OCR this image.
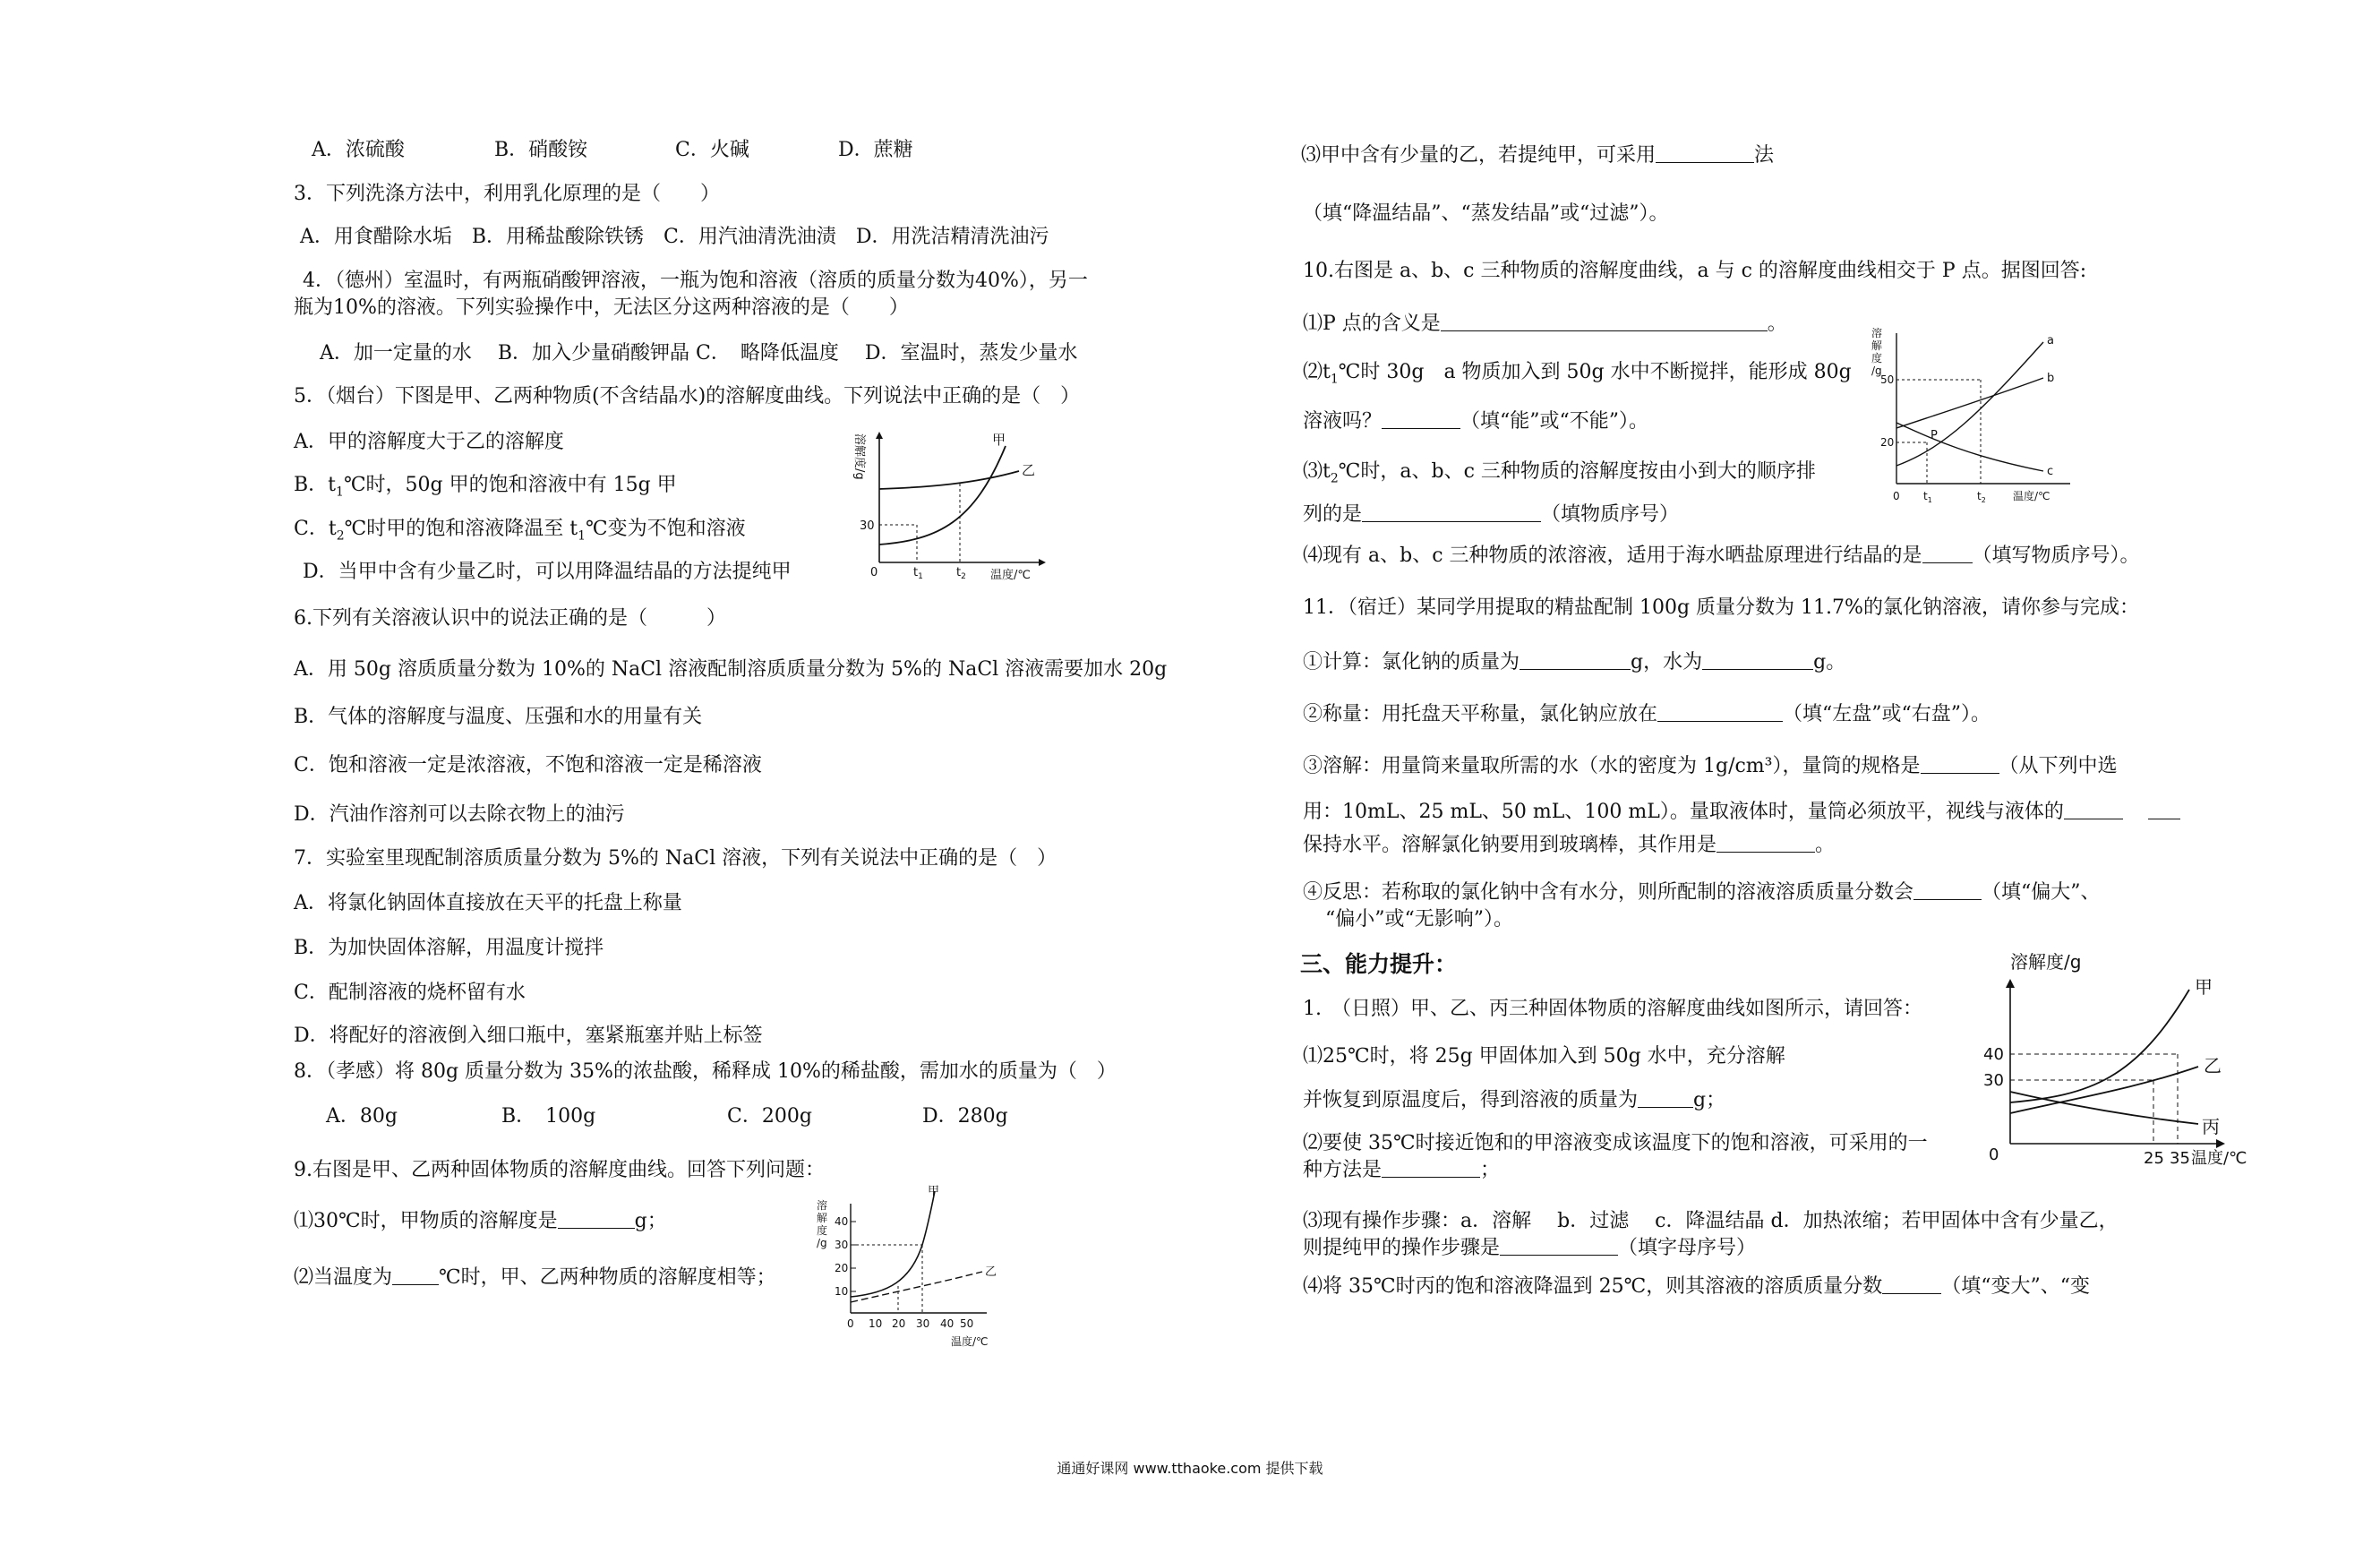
A．浓硫酸	B．硝酸铵	C．火碱	D．蔗糖
3．下列洗涤方法中，利用乳化原理的是（　　）
A．用食醋除水垢　B．用稀盐酸除铁锈　C．用汽油清洗油渍　D．用洗洁精清洗油污
4．（德州）室温时，有两瓶硝酸钾溶液，一瓶为饱和溶液（溶质的质量分数为40%），另一
瓶为10%的溶液。下列实验操作中，无法区分这两种溶液的是（　　）
A．加一定量的水　 B．加入少量硝酸钾晶 C．　略降低温度　 D．室温时，蒸发少量水
5．（烟台）下图是甲、乙两种物质(不含结晶水)的溶解度曲线。下列说法中正确的是（　）
A．甲的溶解度大于乙的溶解度
B．$t_1℃$时，50g 甲的饱和溶液中有 15g 甲
C．$t_2℃$时甲的饱和溶液降温至 $t_1℃$变为不饱和溶液
D．当甲中含有少量乙时，可以用降温结晶的方法提纯甲
溶解度/g
30
0	$t_1$	$t_2$ 温度/℃
甲
乙
6.下列有关溶液认识中的说法正确的是（　　　）
A．用 50g 溶质质量分数为 10%的 NaCl 溶液配制溶质质量分数为 5%的 NaCl 溶液需要加水 20g
B．气体的溶解度与温度、压强和水的用量有关
C．饱和溶液一定是浓溶液，不饱和溶液一定是稀溶液
D．汽油作溶剂可以去除衣物上的油污
7．实验室里现配制溶质质量分数为 5%的 NaCl 溶液，下列有关说法中正确的是（　）
A．将氯化钠固体直接放在天平的托盘上称量
B．为加快固体溶解，用温度计搅拌
C．配制溶液的烧杯留有水
D．将配好的溶液倒入细口瓶中，塞紧瓶塞并贴上标签
8．（孝感）将 80g 质量分数为 35%的浓盐酸，稀释成 10%的稀盐酸，需加水的质量为（　）
A．80g	B．　100g	C．200g	D．280g
9.右图是甲、乙两种固体物质的溶解度曲线。回答下列问题：
⑴30℃时，甲物质的溶解度是	g；
⑵当温度为 ℃时，甲、乙两种物质的溶解度相等；
溶
解
度
/g
40
30
20
10
0 10 20 30 40 50
温度/℃
甲
乙
⑶甲中含有少量的乙，若提纯甲，可采用	法
（填“降温结晶”、“蒸发结晶”或“过滤”）。
10.右图是 a、b、c 三种物质的溶解度曲线，a 与 c 的溶解度曲线相交于 P 点。据图回答:
⑴P 点的含义是	。
$⑵t_1℃$时 30g　a 物质加入到 50g 水中不断搅拌，能形成 80g
溶液吗？	（填“能”或“不能”）。
$⑶t_2℃$时，a、b、c 三种物质的溶解度按由小到大的顺序排
列的是	（填物质序号）
⑷现有 a、b、c 三种物质的浓溶液，适用于海水晒盐原理进行结晶的是	（填写物质序号）。
溶
解
度
/g
50
20
0 $t_1$	$t_2$	温度/℃
a
b
c
P
11．（宿迁）某同学用提取的精盐配制 100g 质量分数为 11.7%的氯化钠溶液，请你参与完成：
①计算：氯化钠的质量为	g，水为	g。
②称量：用托盘天平称量，氯化钠应放在	（填“左盘”或“右盘”）。
③溶解：用量筒来量取所需的水（水的密度为 1g/cm³），量筒的规格是	（从下列中选
用：10mL、25 mL、50 mL、100 mL）。量取液体时，量筒必须放平，视线与液体的
保持水平。溶解氯化钠要用到玻璃棒，其作用是	。
④反思：若称取的氯化钠中含有水分，则所配制的溶液溶质质量分数会	（填“偏大”、
“偏小”或“无影响”）。
三、能力提升：
1.　（日照）甲、乙、丙三种固体物质的溶解度曲线如图所示，请回答：
⑴25℃时，将 25g 甲固体加入到 50g 水中，充分溶解
并恢复到原温度后，得到溶液的质量为	g；
⑵要使 35℃时接近饱和的甲溶液变成该温度下的饱和溶液，可采用的一
种方法是	；
⑶现有操作步骤：a．溶解　 b．过滤　 c．降温结晶 d．加热浓缩；若甲固体中含有少量乙，
则提纯甲的操作步骤是	（填字母序号）
⑷将 35℃时丙的饱和溶液降温到 25℃，则其溶液的溶质质量分数	（填“变大”、“变
溶解度/g
40
30
0	25 35 温度/℃
甲
乙
丙
通通好课网 www.tthaoke.com 提供下载
